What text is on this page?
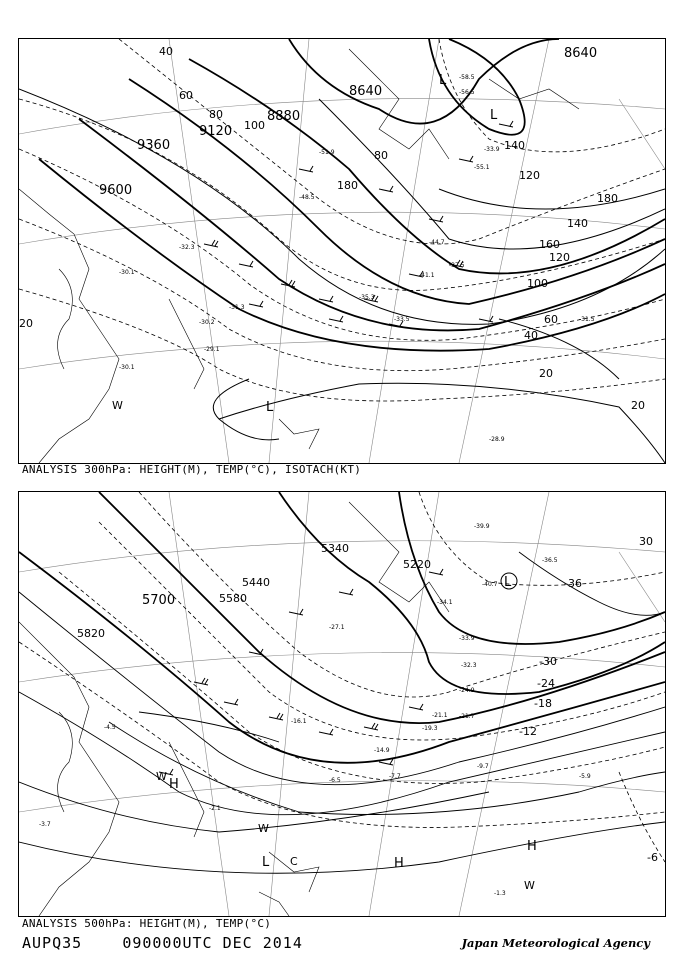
8640
8880
9120
9360
9600
8640
40
60
80
100
120
140
160
180
20
40
60
80
100
120
140
180
20
20
-28.9
-29.1
-30.1
-30.2
-31.3
-31.5
-33.5
-33.9
-35.3
-37.5
-41.1
-44.7
-48.5
-51.9
-55.1
-56.5
-58.5
-32.3
-30.1
L
L
L
W
ANALYSIS 300hPa: HEIGHT(M), TEMP(°C), ISOTACH(KT)
5700
5820
5580
5440
5340
5220
-36
-30
-24
-18
-12
-6
30
-40.7
-39.9
-36.5
-34.1
-33.9
-32.3
-27.1
-24.9
-21.7
-21.1
-19.3
-16.1
-14.9
-9.7
-7.7
-6.5
-5.9
-4.5
-3.7
-2.1
-1.3
L
H
H
H
L
W
W
W
C
ANALYSIS 500hPa: HEIGHT(M), TEMP(°C)
AUPQ35	090000UTC DEC 2014	Japan Meteorological Agency
